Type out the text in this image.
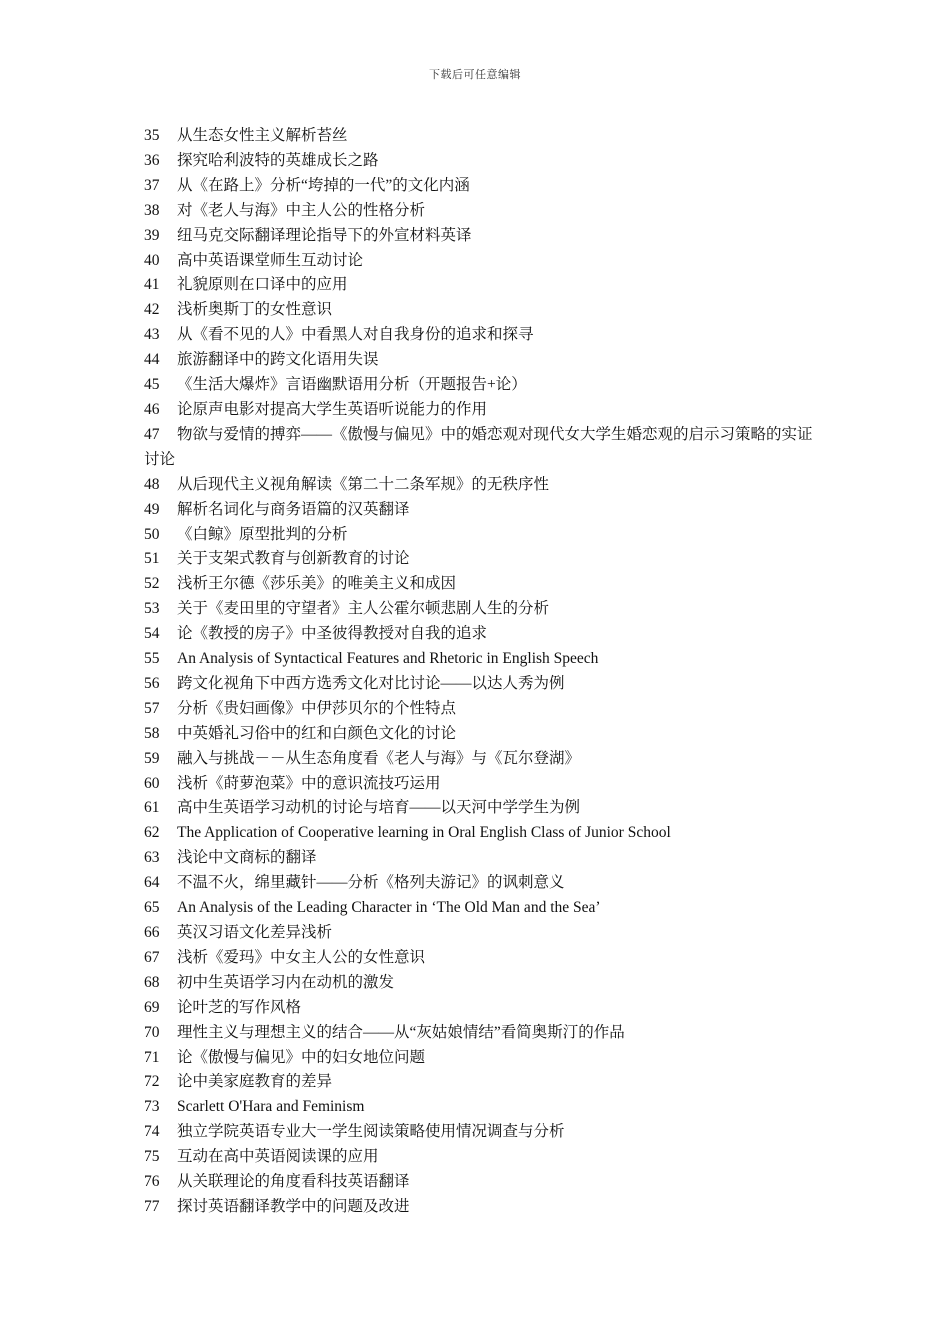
下载后可任意编辑

35 从生态女性主义解析苔丝

36 探究哈利波特的英雄成长之路

37 从《在路上》分析“垮掉的一代”的文化内涵

38 对《老人与海》中主人公的性格分析

39 纽马克交际翻译理论指导下的外宣材料英译

40 高中英语课堂师生互动讨论

41 礼貌原则在口译中的应用

42 浅析奥斯丁的女性意识

43 从《看不见的人》中看黑人对自我身份的追求和探寻

44 旅游翻译中的跨文化语用失误

45 《生活大爆炸》言语幽默语用分析（开题报告+论）

46 论原声电影对提高大学生英语听说能力的作用

47 物欲与爱情的搏弈——《傲慢与偏见》中的婚恋观对现代女大学生婚恋观的启示习策略的实证讨论

48 从后现代主义视角解读《第二十二条军规》的无秩序性

49 解析名词化与商务语篇的汉英翻译

50 《白鲸》原型批判的分析

51 关于支架式教育与创新教育的讨论

52 浅析王尔德《莎乐美》的唯美主义和成因

53 关于《麦田里的守望者》主人公霍尔顿悲剧人生的分析

54 论《教授的房子》中圣彼得教授对自我的追求

55 An Analysis of Syntactical Features and Rhetoric in English Speech

56 跨文化视角下中西方选秀文化对比讨论——以达人秀为例

57 分析《贵妇画像》中伊莎贝尔的个性特点

58 中英婚礼习俗中的红和白颜色文化的讨论

59 融入与挑战－－从生态角度看《老人与海》与《瓦尔登湖》

60 浅析《莳萝泡菜》中的意识流技巧运用

61 高中生英语学习动机的讨论与培育——以天河中学学生为例

62 The Application of Cooperative learning in Oral English Class of Junior School

63 浅论中文商标的翻译

64 不温不火，绵里藏针——分析《格列夫游记》的讽刺意义

65 An Analysis of the Leading Character in ‘The Old Man and the Sea’

66 英汉习语文化差异浅析

67 浅析《爱玛》中女主人公的女性意识

68 初中生英语学习内在动机的激发

69 论叶芝的写作风格

70 理性主义与理想主义的结合——从“灰姑娘情结”看简奥斯汀的作品

71 论《傲慢与偏见》中的妇女地位问题

72 论中美家庭教育的差异

73 Scarlett O'Hara and Feminism

74 独立学院英语专业大一学生阅读策略使用情况调查与分析

75 互动在高中英语阅读课的应用

76 从关联理论的角度看科技英语翻译

77 探讨英语翻译教学中的问题及改进
